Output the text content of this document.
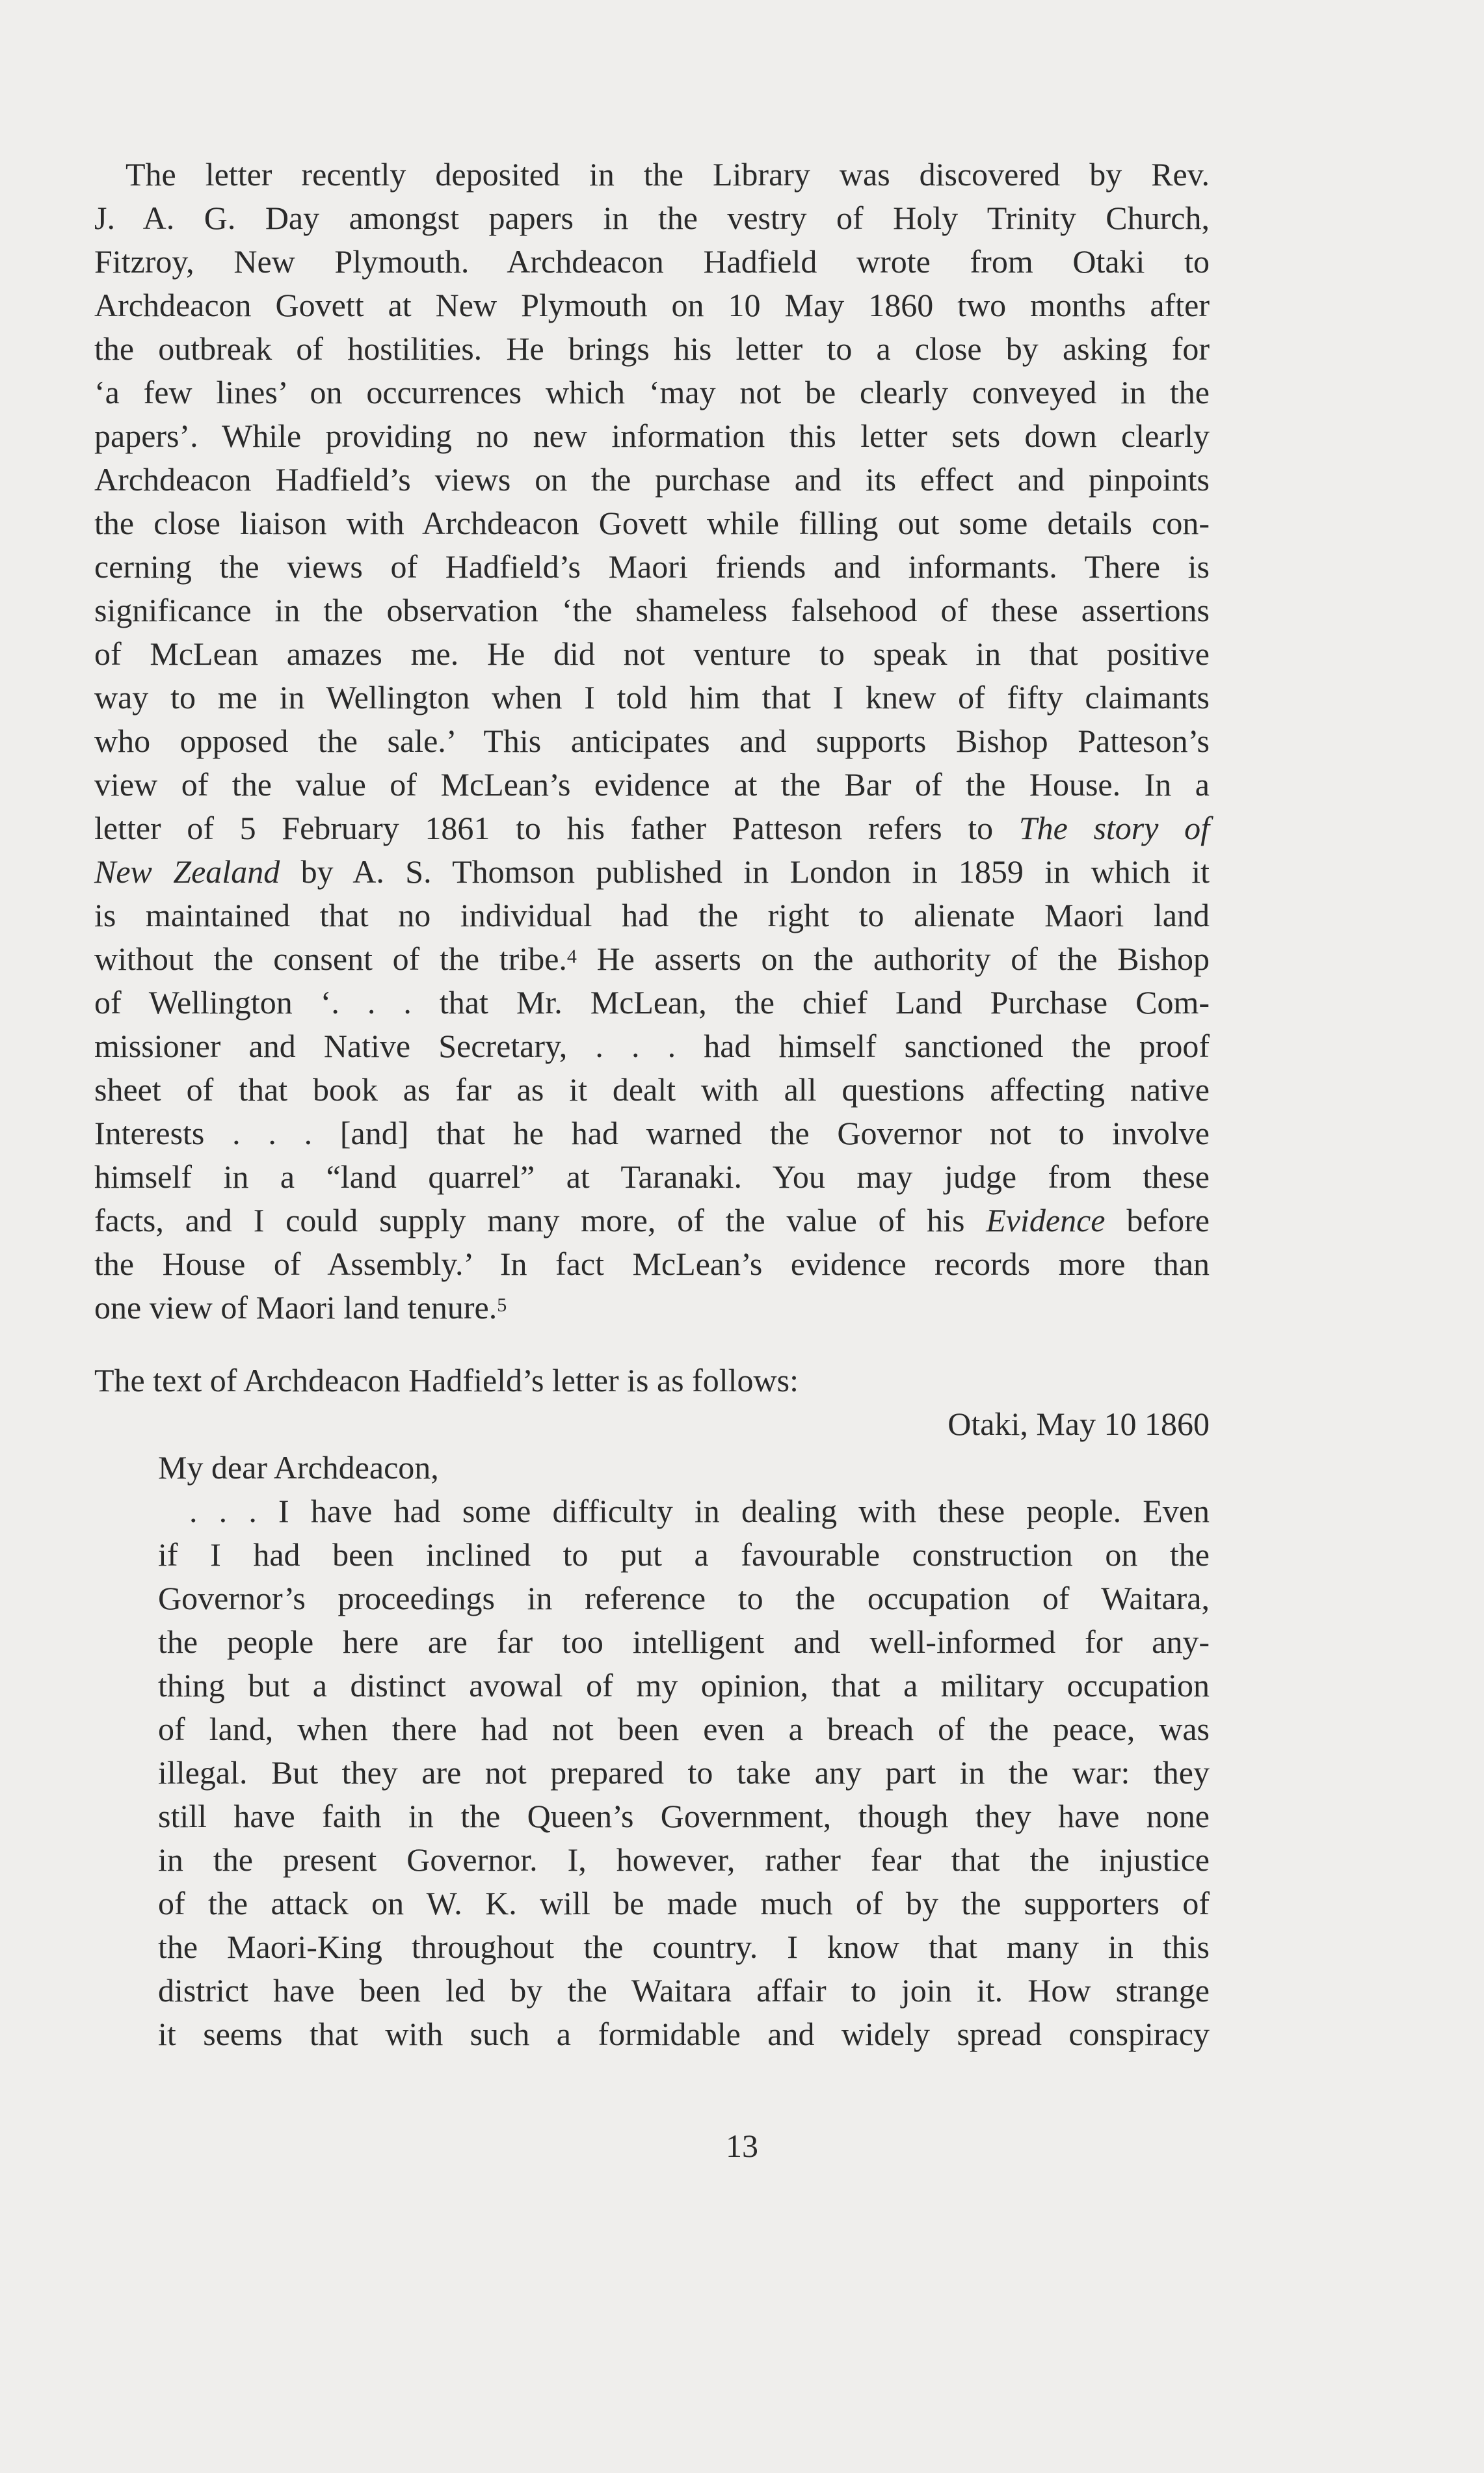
The letter recently deposited in the Library was discovered by Rev.
J. A. G. Day amongst papers in the vestry of Holy Trinity Church,
Fitzroy, New Plymouth. Archdeacon Hadfield wrote from Otaki to
Archdeacon Govett at New Plymouth on 10 May 1860 two months after
the outbreak of hostilities. He brings his letter to a close by asking for
‘a few lines’ on occurrences which ‘may not be clearly conveyed in the
papers’. While providing no new information this letter sets down clearly
Archdeacon Hadfield’s views on the purchase and its effect and pinpoints
the close liaison with Archdeacon Govett while filling out some details con-
cerning the views of Hadfield’s Maori friends and informants. There is
significance in the observation ‘the shameless falsehood of these assertions
of McLean amazes me. He did not venture to speak in that positive
way to me in Wellington when I told him that I knew of fifty claimants
who opposed the sale.’ This anticipates and supports Bishop Patteson’s
view of the value of McLean’s evidence at the Bar of the House. In a
letter of 5 February 1861 to his father Patteson refers to The story of
New Zealand by A. S. Thomson published in London in 1859 in which it
is maintained that no individual had the right to alienate Maori land
without the consent of the tribe.$^4$ He asserts on the authority of the Bishop
of Wellington ‘. . . that Mr. McLean, the chief Land Purchase Com-
missioner and Native Secretary, . . . had himself sanctioned the proof
sheet of that book as far as it dealt with all questions affecting native
Interests . . . [and] that he had warned the Governor not to involve
himself in a “land quarrel” at Taranaki. You may judge from these
facts, and I could supply many more, of the value of his Evidence before
the House of Assembly.’ In fact McLean’s evidence records more than
one view of Maori land tenure.$^5$

The text of Archdeacon Hadfield’s letter is as follows:

Otaki, May 10 1860

My dear Archdeacon,

. . . I have had some difficulty in dealing with these people. Even
if I had been inclined to put a favourable construction on the
Governor’s proceedings in reference to the occupation of Waitara,
the people here are far too intelligent and well-informed for any-
thing but a distinct avowal of my opinion, that a military occupation
of land, when there had not been even a breach of the peace, was
illegal. But they are not prepared to take any part in the war: they
still have faith in the Queen’s Government, though they have none
in the present Governor. I, however, rather fear that the injustice
of the attack on W. K. will be made much of by the supporters of
the Maori-King throughout the country. I know that many in this
district have been led by the Waitara affair to join it. How strange
it seems that with such a formidable and widely spread conspiracy
13
